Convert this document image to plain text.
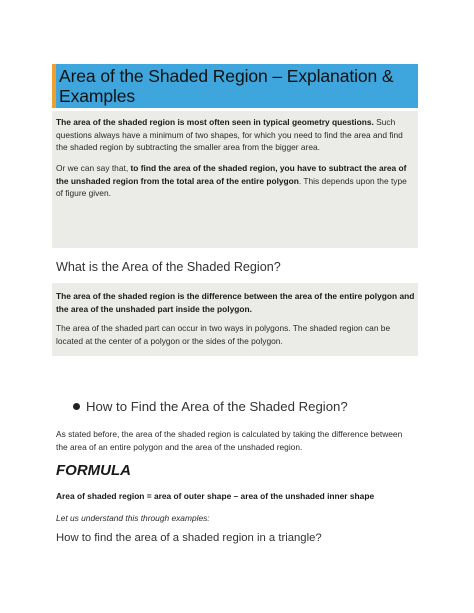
Area of the Shaded Region – Explanation & Examples
The area of the shaded region is most often seen in typical geometry questions. Such questions always have a minimum of two shapes, for which you need to find the area and find the shaded region by subtracting the smaller area from the bigger area.
Or we can say that, to find the area of the shaded region, you have to subtract the area of the unshaded region from the total area of the entire polygon. This depends upon the type of figure given.
What is the Area of the Shaded Region?
The area of the shaded region is the difference between the area of the entire polygon and the area of the unshaded part inside the polygon.
The area of the shaded part can occur in two ways in polygons. The shaded region can be located at the center of a polygon or the sides of the polygon.
How to Find the Area of the Shaded Region?
As stated before, the area of the shaded region is calculated by taking the difference between the area of an entire polygon and the area of the unshaded region.
FORMULA
Area of shaded region = area of outer shape – area of the unshaded inner shape
Let us understand this through examples:
How to find the area of a shaded region in a triangle?
